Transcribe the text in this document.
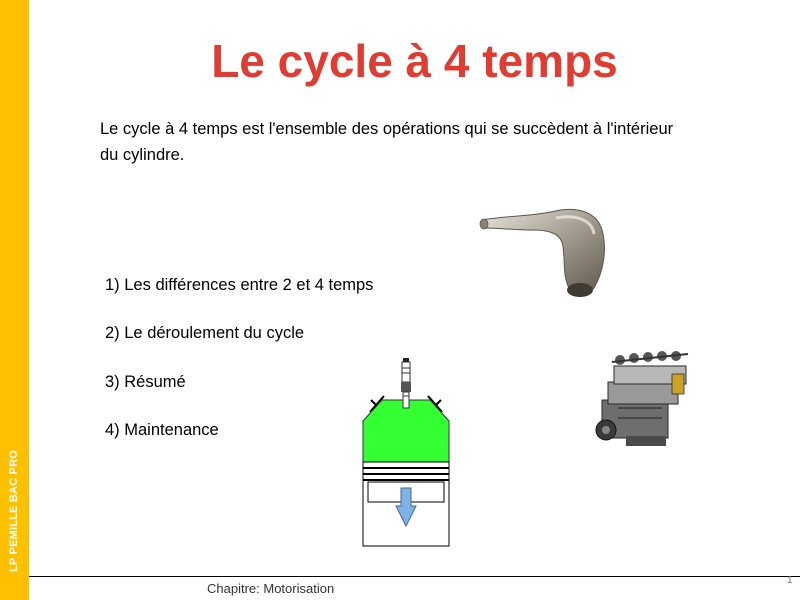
LP PEMILLE BAC PRO
Le cycle à 4 temps
Le cycle à 4 temps est l'ensemble des opérations qui se succèdent à l'intérieur du cylindre.
1) Les différences entre 2 et 4 temps
2) Le déroulement du cycle
3) Résumé
4) Maintenance
Chapitre: Motorisation
1
